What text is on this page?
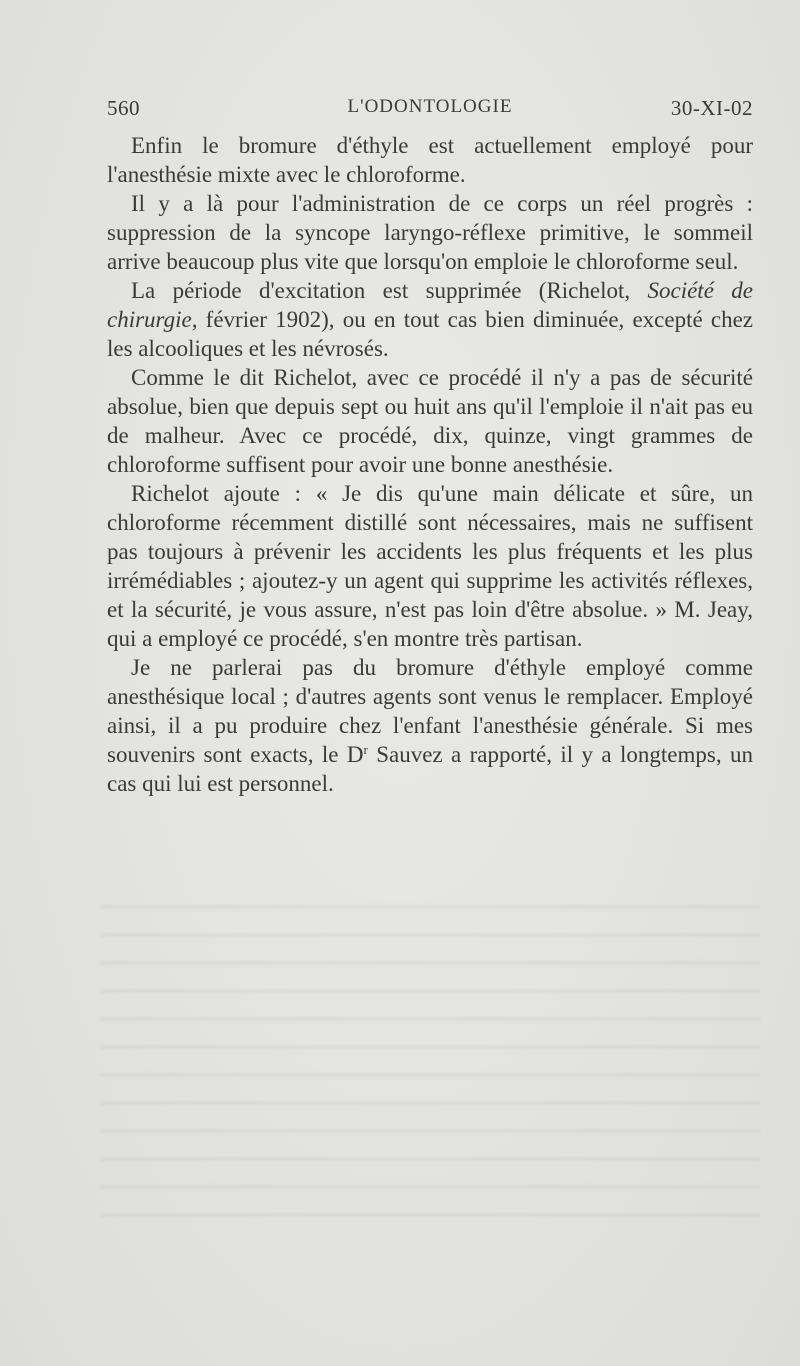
560	L'ODONTOLOGIE	30-XI-02

Enfin le bromure d'éthyle est actuellement employé pour l'anesthésie mixte avec le chloroforme.

Il y a là pour l'administration de ce corps un réel progrès : suppression de la syncope laryngo-réflexe primitive, le sommeil arrive beaucoup plus vite que lorsqu'on emploie le chloroforme seul.

La période d'excitation est supprimée (Richelot, Société de chirurgie, février 1902), ou en tout cas bien diminuée, excepté chez les alcooliques et les névrosés.

Comme le dit Richelot, avec ce procédé il n'y a pas de sécurité absolue, bien que depuis sept ou huit ans qu'il l'emploie il n'ait pas eu de malheur. Avec ce procédé, dix, quinze, vingt grammes de chloroforme suffisent pour avoir une bonne anesthésie.

Richelot ajoute : « Je dis qu'une main délicate et sûre, un chloroforme récemment distillé sont nécessaires, mais ne suffisent pas toujours à prévenir les accidents les plus fréquents et les plus irrémédiables ; ajoutez-y un agent qui supprime les activités réflexes, et la sécurité, je vous assure, n'est pas loin d'être absolue. » M. Jeay, qui a employé ce procédé, s'en montre très partisan.

Je ne parlerai pas du bromure d'éthyle employé comme anesthésique local ; d'autres agents sont venus le remplacer. Employé ainsi, il a pu produire chez l'enfant l'anesthésie générale. Si mes souvenirs sont exacts, le $D^r$ Sauvez a rapporté, il y a longtemps, un cas qui lui est personnel.
